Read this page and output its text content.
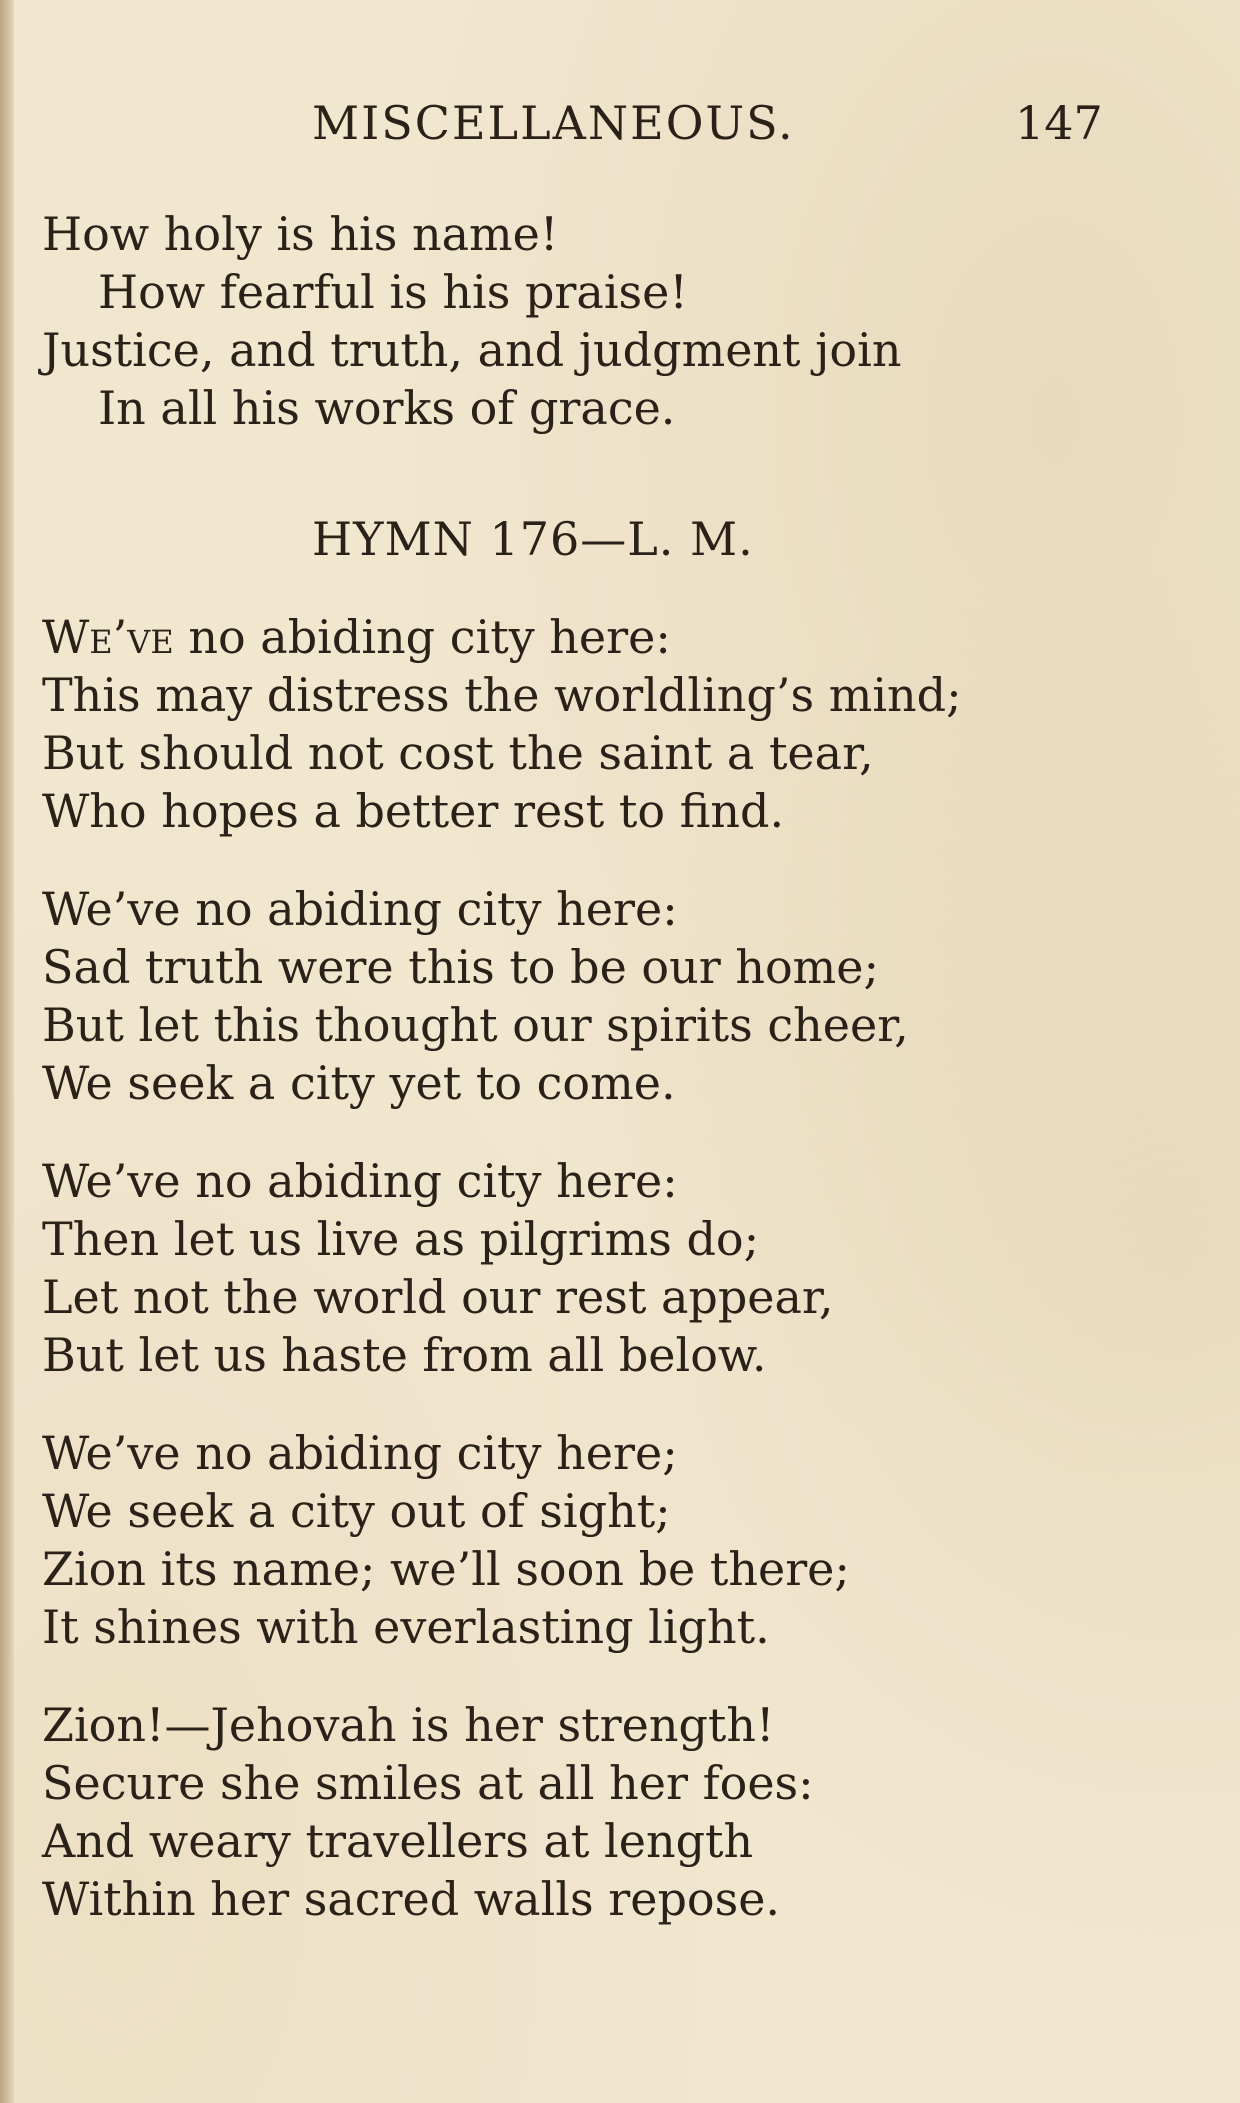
MISCELLANEOUS.	147
How holy is his name!
How fearful is his praise!
Justice, and truth, and judgment join
In all his works of grace.
HYMN 176—L. M.
We’ve no abiding city here:
This may distress the worldling’s mind;
But should not cost the saint a tear,
Who hopes a better rest to find.
We’ve no abiding city here:
Sad truth were this to be our home;
But let this thought our spirits cheer,
We seek a city yet to come.
We’ve no abiding city here:
Then let us live as pilgrims do;
Let not the world our rest appear,
But let us haste from all below.
We’ve no abiding city here;
We seek a city out of sight;
Zion its name; we’ll soon be there;
It shines with everlasting light.
Zion!—Jehovah is her strength!
Secure she smiles at all her foes:
And weary travellers at length
Within her sacred walls repose.
